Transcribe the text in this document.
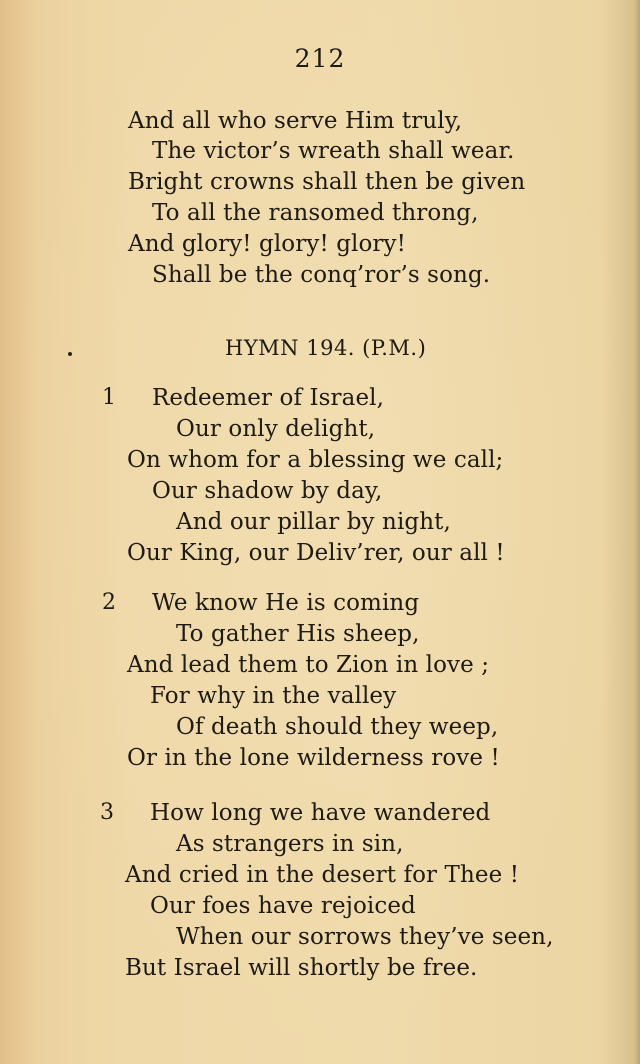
212
And all who serve Him truly,
The victor’s wreath shall wear.
Bright crowns shall then be given
To all the ransomed throng,
And glory! glory! glory!
Shall be the conq’ror’s song.
HYMN 194. (P.M.)
1 Redeemer of Israel,
Our only delight,
On whom for a blessing we call;
Our shadow by day,
And our pillar by night,
Our King, our Deliv’rer, our all !
2 We know He is coming
To gather His sheep,
And lead them to Zion in love ;
For why in the valley
Of death should they weep,
Or in the lone wilderness rove !
3 How long we have wandered
As strangers in sin,
And cried in the desert for Thee !
Our foes have rejoiced
When our sorrows they’ve seen,
But Israel will shortly be free.
